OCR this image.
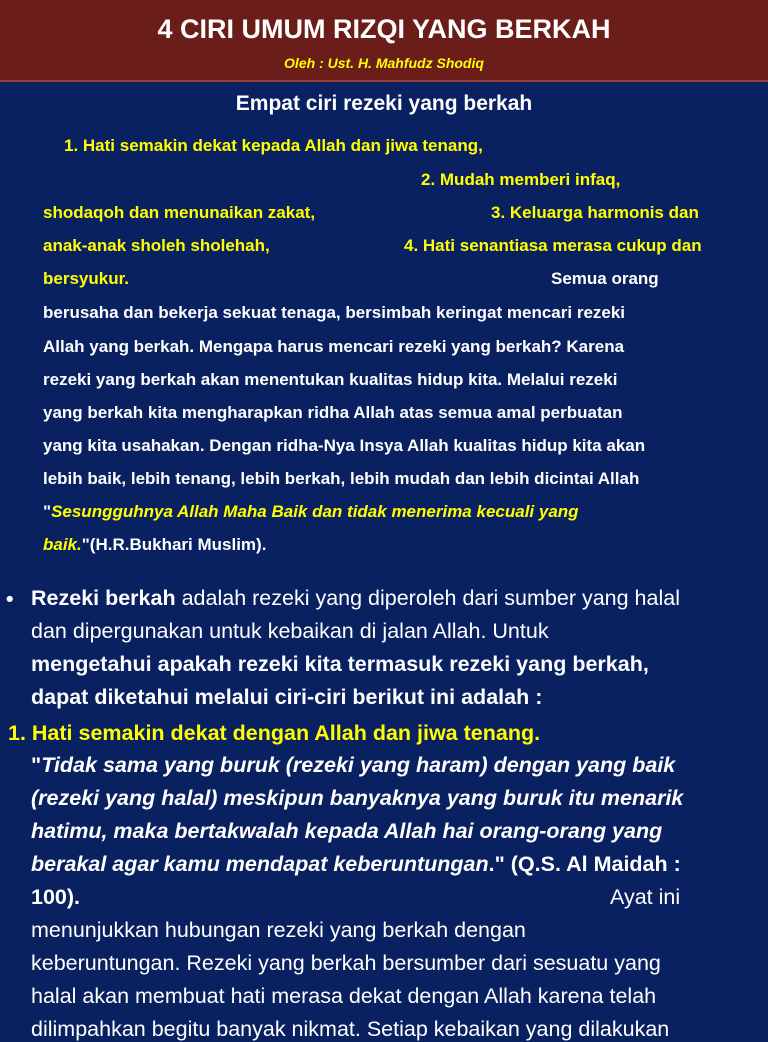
4 CIRI UMUM RIZQI YANG BERKAH
Oleh : Ust. H. Mahfudz Shodiq
Empat ciri rezeki yang berkah
1. Hati semakin dekat kepada Allah dan jiwa tenang,
2. Mudah memberi infaq,
shodaqoh dan menunaikan zakat,	3. Keluarga harmonis dan
anak-anak sholeh sholehah,	4. Hati senantiasa merasa cukup dan
bersyukur.	Semua orang
berusaha dan bekerja sekuat tenaga, bersimbah keringat mencari rezeki
Allah yang berkah. Mengapa harus mencari rezeki yang berkah? Karena
rezeki yang berkah akan menentukan kualitas hidup kita. Melalui rezeki
yang berkah kita mengharapkan ridha Allah atas semua amal perbuatan
yang kita usahakan. Dengan ridha-Nya Insya Allah kualitas hidup kita akan
lebih baik, lebih tenang, lebih berkah, lebih mudah dan lebih dicintai Allah
"Sesungguhnya Allah Maha Baik dan tidak menerima kecuali yang
baik."(H.R.Bukhari Muslim).
• Rezeki berkah adalah rezeki yang diperoleh dari sumber yang halal
dan dipergunakan untuk kebaikan di jalan Allah. Untuk
mengetahui apakah rezeki kita termasuk rezeki yang berkah,
dapat diketahui melalui ciri-ciri berikut ini adalah :
1. Hati semakin dekat dengan Allah dan jiwa tenang.
"Tidak sama yang buruk (rezeki yang haram) dengan yang baik
(rezeki yang halal) meskipun banyaknya yang buruk itu menarik
hatimu, maka bertakwalah kepada Allah hai orang-orang yang
berakal agar kamu mendapat keberuntungan." (Q.S. Al Maidah :
100).	Ayat ini
menunjukkan hubungan rezeki yang berkah dengan
keberuntungan. Rezeki yang berkah bersumber dari sesuatu yang
halal akan membuat hati merasa dekat dengan Allah karena telah
dilimpahkan begitu banyak nikmat. Setiap kebaikan yang dilakukan
